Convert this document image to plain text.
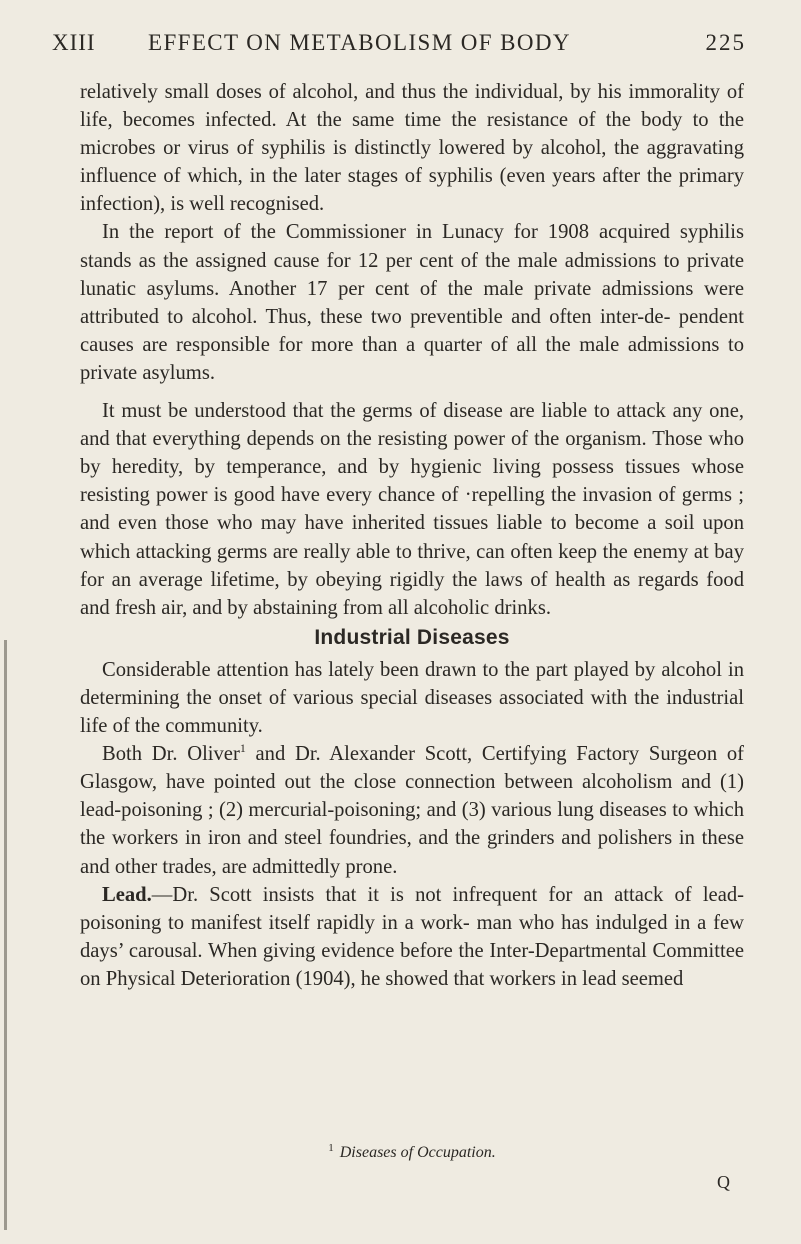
XIII EFFECT ON METABOLISM OF BODY	225

relatively small doses of alcohol, and thus the individual, by his immorality of life, becomes infected. At the same time the resistance of the body to the microbes or virus of syphilis is distinctly lowered by alcohol, the aggravating influence of which, in the later stages of syphilis (even years after the primary infection), is well recognised.

In the report of the Commissioner in Lunacy for 1908 acquired syphilis stands as the assigned cause for 12 per cent of the male admissions to private lunatic asylums. Another 17 per cent of the male private admissions were attributed to alcohol. Thus, these two preventible and often inter-de- pendent causes are responsible for more than a quarter of all the male admissions to private asylums.

It must be understood that the germs of disease are liable to attack any one, and that everything depends on the resisting power of the organism. Those who by heredity, by temperance, and by hygienic living possess tissues whose resisting power is good have every chance of ·repelling the invasion of germs ; and even those who may have inherited tissues liable to become a soil upon which attacking germs are really able to thrive, can often keep the enemy at bay for an average lifetime, by obeying rigidly the laws of health as regards food and fresh air, and by abstaining from all alcoholic drinks.

Industrial Diseases

Considerable attention has lately been drawn to the part played by alcohol in determining the onset of various special diseases associated with the industrial life of the community.

Both Dr. Oliver$^1$ and Dr. Alexander Scott, Certifying Factory Surgeon of Glasgow, have pointed out the close connection between alcoholism and (1) lead-poisoning ; (2) mercurial-poisoning; and (3) various lung diseases to which the workers in iron and steel foundries, and the grinders and polishers in these and other trades, are admittedly prone.

Lead.—Dr. Scott insists that it is not infrequent for an attack of lead-poisoning to manifest itself rapidly in a work- man who has indulged in a few days’ carousal. When giving evidence before the Inter-Departmental Committee on Physical Deterioration (1904), he showed that workers in lead seemed

$^1$ Diseases of Occupation.
Q
